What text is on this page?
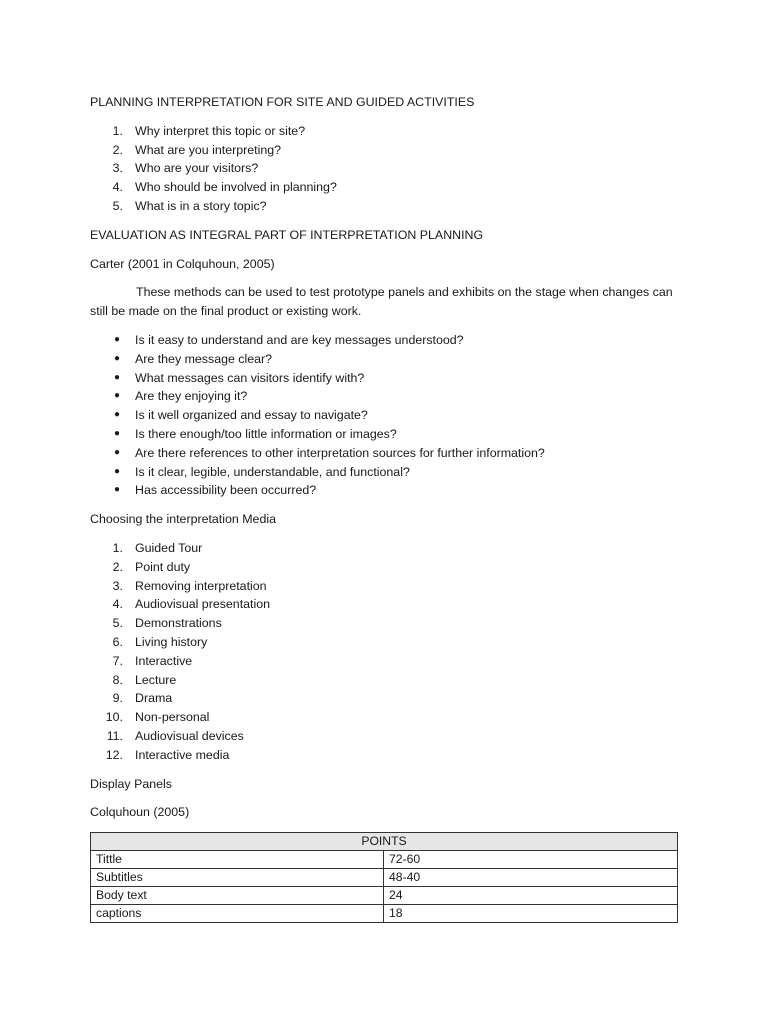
PLANNING INTERPRETATION FOR SITE AND GUIDED ACTIVITIES

1. Why interpret this topic or site?
2. What are you interpreting?
3. Who are your visitors?
4. Who should be involved in planning?
5. What is in a story topic?

EVALUATION AS INTEGRAL PART OF INTERPRETATION PLANNING

Carter (2001 in Colquhoun, 2005)

These methods can be used to test prototype panels and exhibits on the stage when changes can still be made on the final product or existing work.

● Is it easy to understand and are key messages understood?
● Are they message clear?
● What messages can visitors identify with?
● Are they enjoying it?
● Is it well organized and essay to navigate?
● Is there enough/too little information or images?
● Are there references to other interpretation sources for further information?
● Is it clear, legible, understandable, and functional?
● Has accessibility been occurred?

Choosing the interpretation Media

1. Guided Tour
2. Point duty
3. Removing interpretation
4. Audiovisual presentation
5. Demonstrations
6. Living history
7. Interactive
8. Lecture
9. Drama
10. Non-personal
11. Audiovisual devices
12. Interactive media

Display Panels

Colquhoun (2005)

POINTS	
Tittle	72-60
Subtitles	48-40
Body text	24
captions	18
